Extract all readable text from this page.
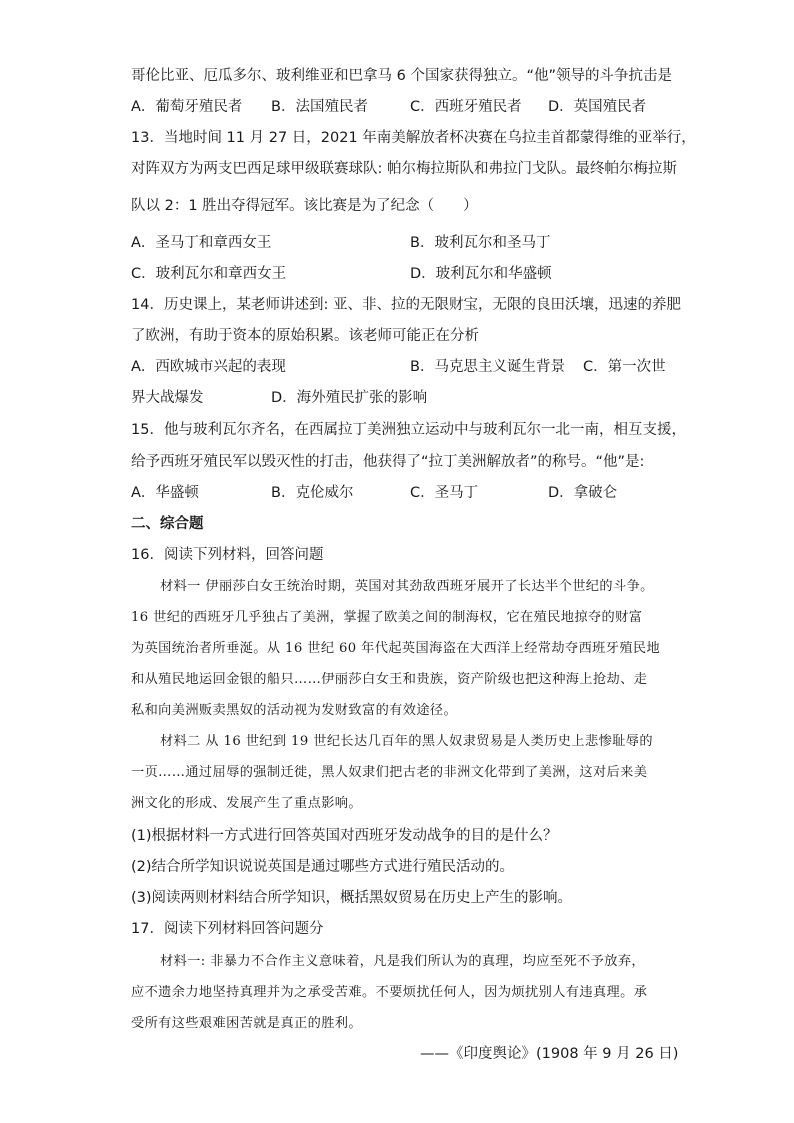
哥伦比亚、厄瓜多尔、玻利维亚和巴拿马 6 个国家获得独立。“他”领导的斗争抗击是
A．葡萄牙殖民者 B．法国殖民者	C．西班牙殖民者 D．英国殖民者
13．当地时间 11 月 27 日，2021 年南美解放者杯决赛在乌拉圭首都蒙得维的亚举行，
对阵双方为两支巴西足球甲级联赛球队: 帕尔梅拉斯队和弗拉门戈队。最终帕尔梅拉斯
队以 2：1 胜出夺得冠军。该比赛是为了纪念（　　）
A．圣马丁和章西女王	B．玻利瓦尔和圣马丁
C．玻利瓦尔和章西女王	D．玻利瓦尔和华盛顿
14．历史课上，某老师讲述到: 亚、非、拉的无限财宝，无限的良田沃壤，迅速的养肥
了欧洲，有助于资本的原始积累。该老师可能正在分析
A．西欧城市兴起的表现	B．马克思主义诞生背景 C．第一次世
界大战爆发	D．海外殖民扩张的影响
15．他与玻利瓦尔齐名，在西属拉丁美洲独立运动中与玻利瓦尔一北一南，相互支援，
给予西班牙殖民军以毁灭性的打击，他获得了“拉丁美洲解放者”的称号。“他”是:
A．华盛顿	B．克伦威尔	C．圣马丁	D．拿破仑
二、综合题
16．阅读下列材料，回答问题
材料一 伊丽莎白女王统治时期，英国对其劲敌西班牙展开了长达半个世纪的斗争。
16 世纪的西班牙几乎独占了美洲，掌握了欧美之间的制海权，它在殖民地掠夺的财富
为英国统治者所垂涎。从 16 世纪 60 年代起英国海盗在大西洋上经常劫夺西班牙殖民地
和从殖民地运回金银的船只……伊丽莎白女王和贵族，资产阶级也把这种海上抢劫、走
私和向美洲贩卖黑奴的活动视为发财致富的有效途径。
材料二 从 16 世纪到 19 世纪长达几百年的黑人奴隶贸易是人类历史上悲惨耻辱的
一页……通过屈辱的强制迁徙，黑人奴隶们把古老的非洲文化带到了美洲，这对后来美
洲文化的形成、发展产生了重点影响。
(1)根据材料一方式进行回答英国对西班牙发动战争的目的是什么？
(2)结合所学知识说说英国是通过哪些方式进行殖民活动的。
(3)阅读两则材料结合所学知识，概括黑奴贸易在历史上产生的影响。
17．阅读下列材料回答问题分
材料一: 非暴力不合作主义意味着，凡是我们所认为的真理，均应至死不予放弃，
应不遗余力地坚持真理并为之承受苦难。不要烦扰任何人，因为烦扰别人有违真理。承
受所有这些艰难困苦就是真正的胜利。
——《印度舆论》(1908 年 9 月 26 日)
